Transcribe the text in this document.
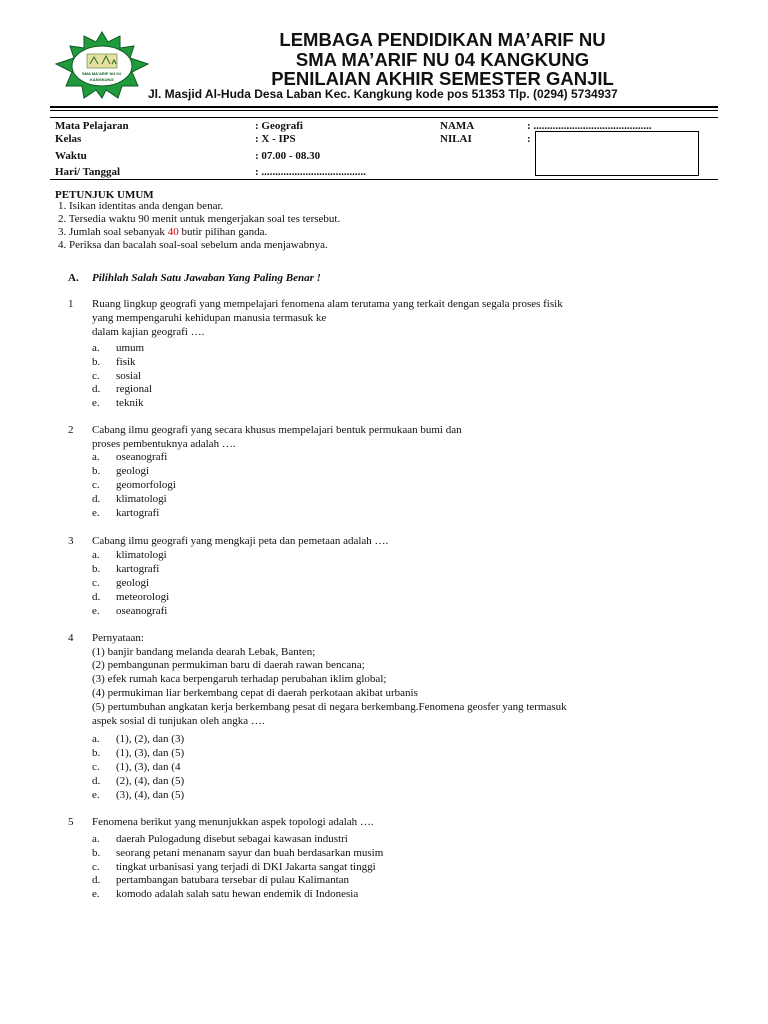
SMA MA'ARIF NU 04
KANGKUNG
LEMBAGA PENDIDIKAN MA’ARIF NU
SMA MA’ARIF NU 04 KANGKUNG
PENILAIAN AKHIR SEMESTER GANJIL
Jl. Masjid Al-Huda Desa Laban Kec. Kangkung kode pos 51353 Tlp. (0294) 5734937
Mata Pelajaran	: Geografi	NAMA	: ...........................................
Kelas	: X - IPS	NILAI	:
Waktu	: 07.00 - 08.30
Hari/ Tanggal	: ......................................
PETUNJUK UMUM
1. Isikan identitas anda dengan benar.
2. Tersedia waktu 90 menit untuk mengerjakan soal tes tersebut.
3. Jumlah soal sebanyak 40 butir pilihan ganda.
4. Periksa dan bacalah soal-soal sebelum anda menjawabnya.
A. Pilihlah Salah Satu Jawaban Yang Paling Benar !
1 Ruang lingkup geografi yang mempelajari fenomena alam terutama yang terkait dengan segala proses fisik
yang mempengaruhi kehidupan manusia termasuk ke
dalam kajian geografi ….
a. umum
b. fisik
c. sosial
d. regional
e. teknik
2 Cabang ilmu geografi yang secara khusus mempelajari bentuk permukaan bumi dan
proses pembentuknya adalah ….
a. oseanografi
b. geologi
c. geomorfologi
d. klimatologi
e. kartografi
3 Cabang ilmu geografi yang mengkaji peta dan pemetaan adalah ….
a. klimatologi
b. kartografi
c. geologi
d. meteorologi
e. oseanografi
4 Pernyataan:
(1) banjir bandang melanda dearah Lebak, Banten;
(2) pembangunan permukiman baru di daerah rawan bencana;
(3) efek rumah kaca berpengaruh terhadap perubahan iklim global;
(4) permukiman liar berkembang cepat di daerah perkotaan akibat urbanis
(5) pertumbuhan angkatan kerja berkembang pesat di negara berkembang.Fenomena geosfer yang termasuk
aspek sosial di tunjukan oleh angka ….
a. (1), (2), dan (3)
b. (1), (3), dan (5)
c. (1), (3), dan (4
d. (2), (4), dan (5)
e. (3), (4), dan (5)
5 Fenomena berikut yang menunjukkan aspek topologi adalah ….
a. daerah Pulogadung disebut sebagai kawasan industri
b. seorang petani menanam sayur dan buah berdasarkan musim
c. tingkat urbanisasi yang terjadi di DKI Jakarta sangat tinggi
d. pertambangan batubara tersebar di pulau Kalimantan
e. komodo adalah salah satu hewan endemik di Indonesia
